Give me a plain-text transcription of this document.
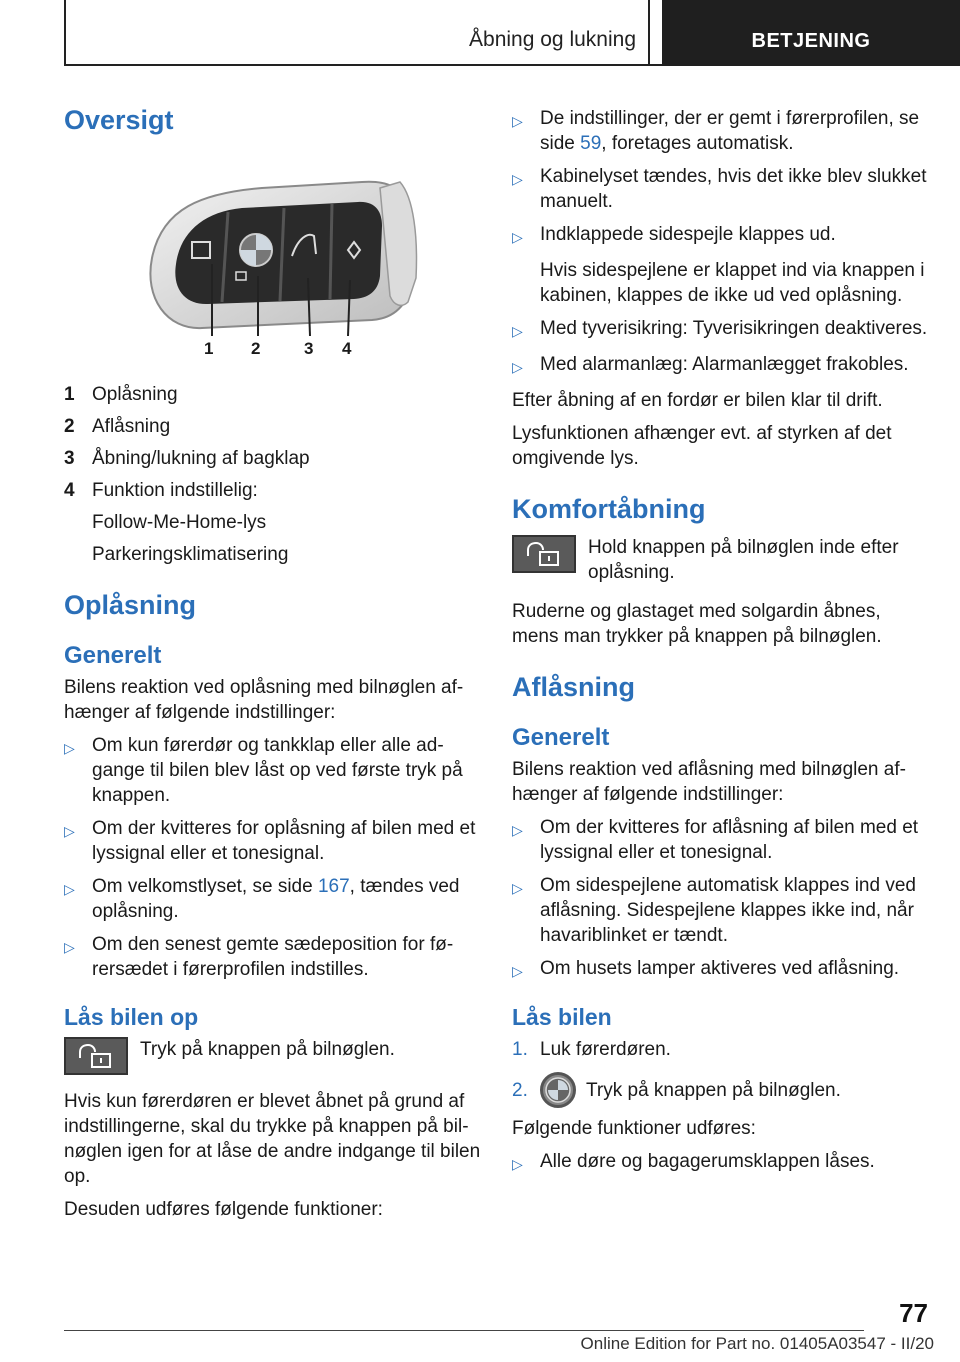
Åbning og lukning	BETJENING
Oversigt
1 2	3 4
1 Oplåsning
2 Aflåsning
3 Åbning/lukning af bagklap
4 Funktion indstillelig:
Follow-Me-Home-lys
Parkeringsklimatisering
Oplåsning
Generelt

Bilens reaktion ved oplåsning med bilnøglen afhænger af følgende indstillinger:

▷ Om kun førerdør og tankklap eller alle adgange til bilen blev låst op ved første tryk på knappen.
▷ Om der kvitteres for oplåsning af bilen med et lyssignal eller et tonesignal.
▷ Om velkomstlyset, se side 167, tændes ved oplåsning.
▷ Om den senest gemte sædeposition for førersædet i førerprofilen indstilles.
Lås bilen op

Tryk på knappen på bilnøglen.

Hvis kun førerdøren er blevet åbnet på grund af indstillingerne, skal du trykke på knappen på bilnøglen igen for at låse de andre indgange til bilen op.

Desuden udføres følgende funktioner:

▷ De indstillinger, der er gemt i førerprofilen, se side 59, foretages automatisk.
▷ Kabinelyset tændes, hvis det ikke blev slukket manuelt.
▷ Indklappede sidespejle klappes ud.
Hvis sidespejlene er klappet ind via knappen i kabinen, klappes de ikke ud ved oplåsning.
▷ Med tyverisikring: Tyverisikringen deaktiveres.
▷ Med alarmanlæg: Alarmanlægget frakobles.

Efter åbning af en fordør er bilen klar til drift.

Lysfunktionen afhænger evt. af styrken af det omgivende lys.

Komfortåbning

Hold knappen på bilnøglen inde efter oplåsning.

Ruderne og glastaget med solgardin åbnes, mens man trykker på knappen på bilnøglen.

Aflåsning
Generelt

Bilens reaktion ved aflåsning med bilnøglen afhænger af følgende indstillinger:

▷ Om der kvitteres for aflåsning af bilen med et lyssignal eller et tonesignal.
▷ Om sidespejlene automatisk klappes ind ved aflåsning. Sidespejlene klappes ikke ind, når havariblinket er tændt.
▷ Om husets lamper aktiveres ved aflåsning.
Lås bilen
1. Luk førerdøren.
2.	Tryk på knappen på bilnøglen.

Følgende funktioner udføres:

▷ Alle døre og bagagerumsklappen låses.
77
Online Edition for Part no. 01405A03547 - II/20
